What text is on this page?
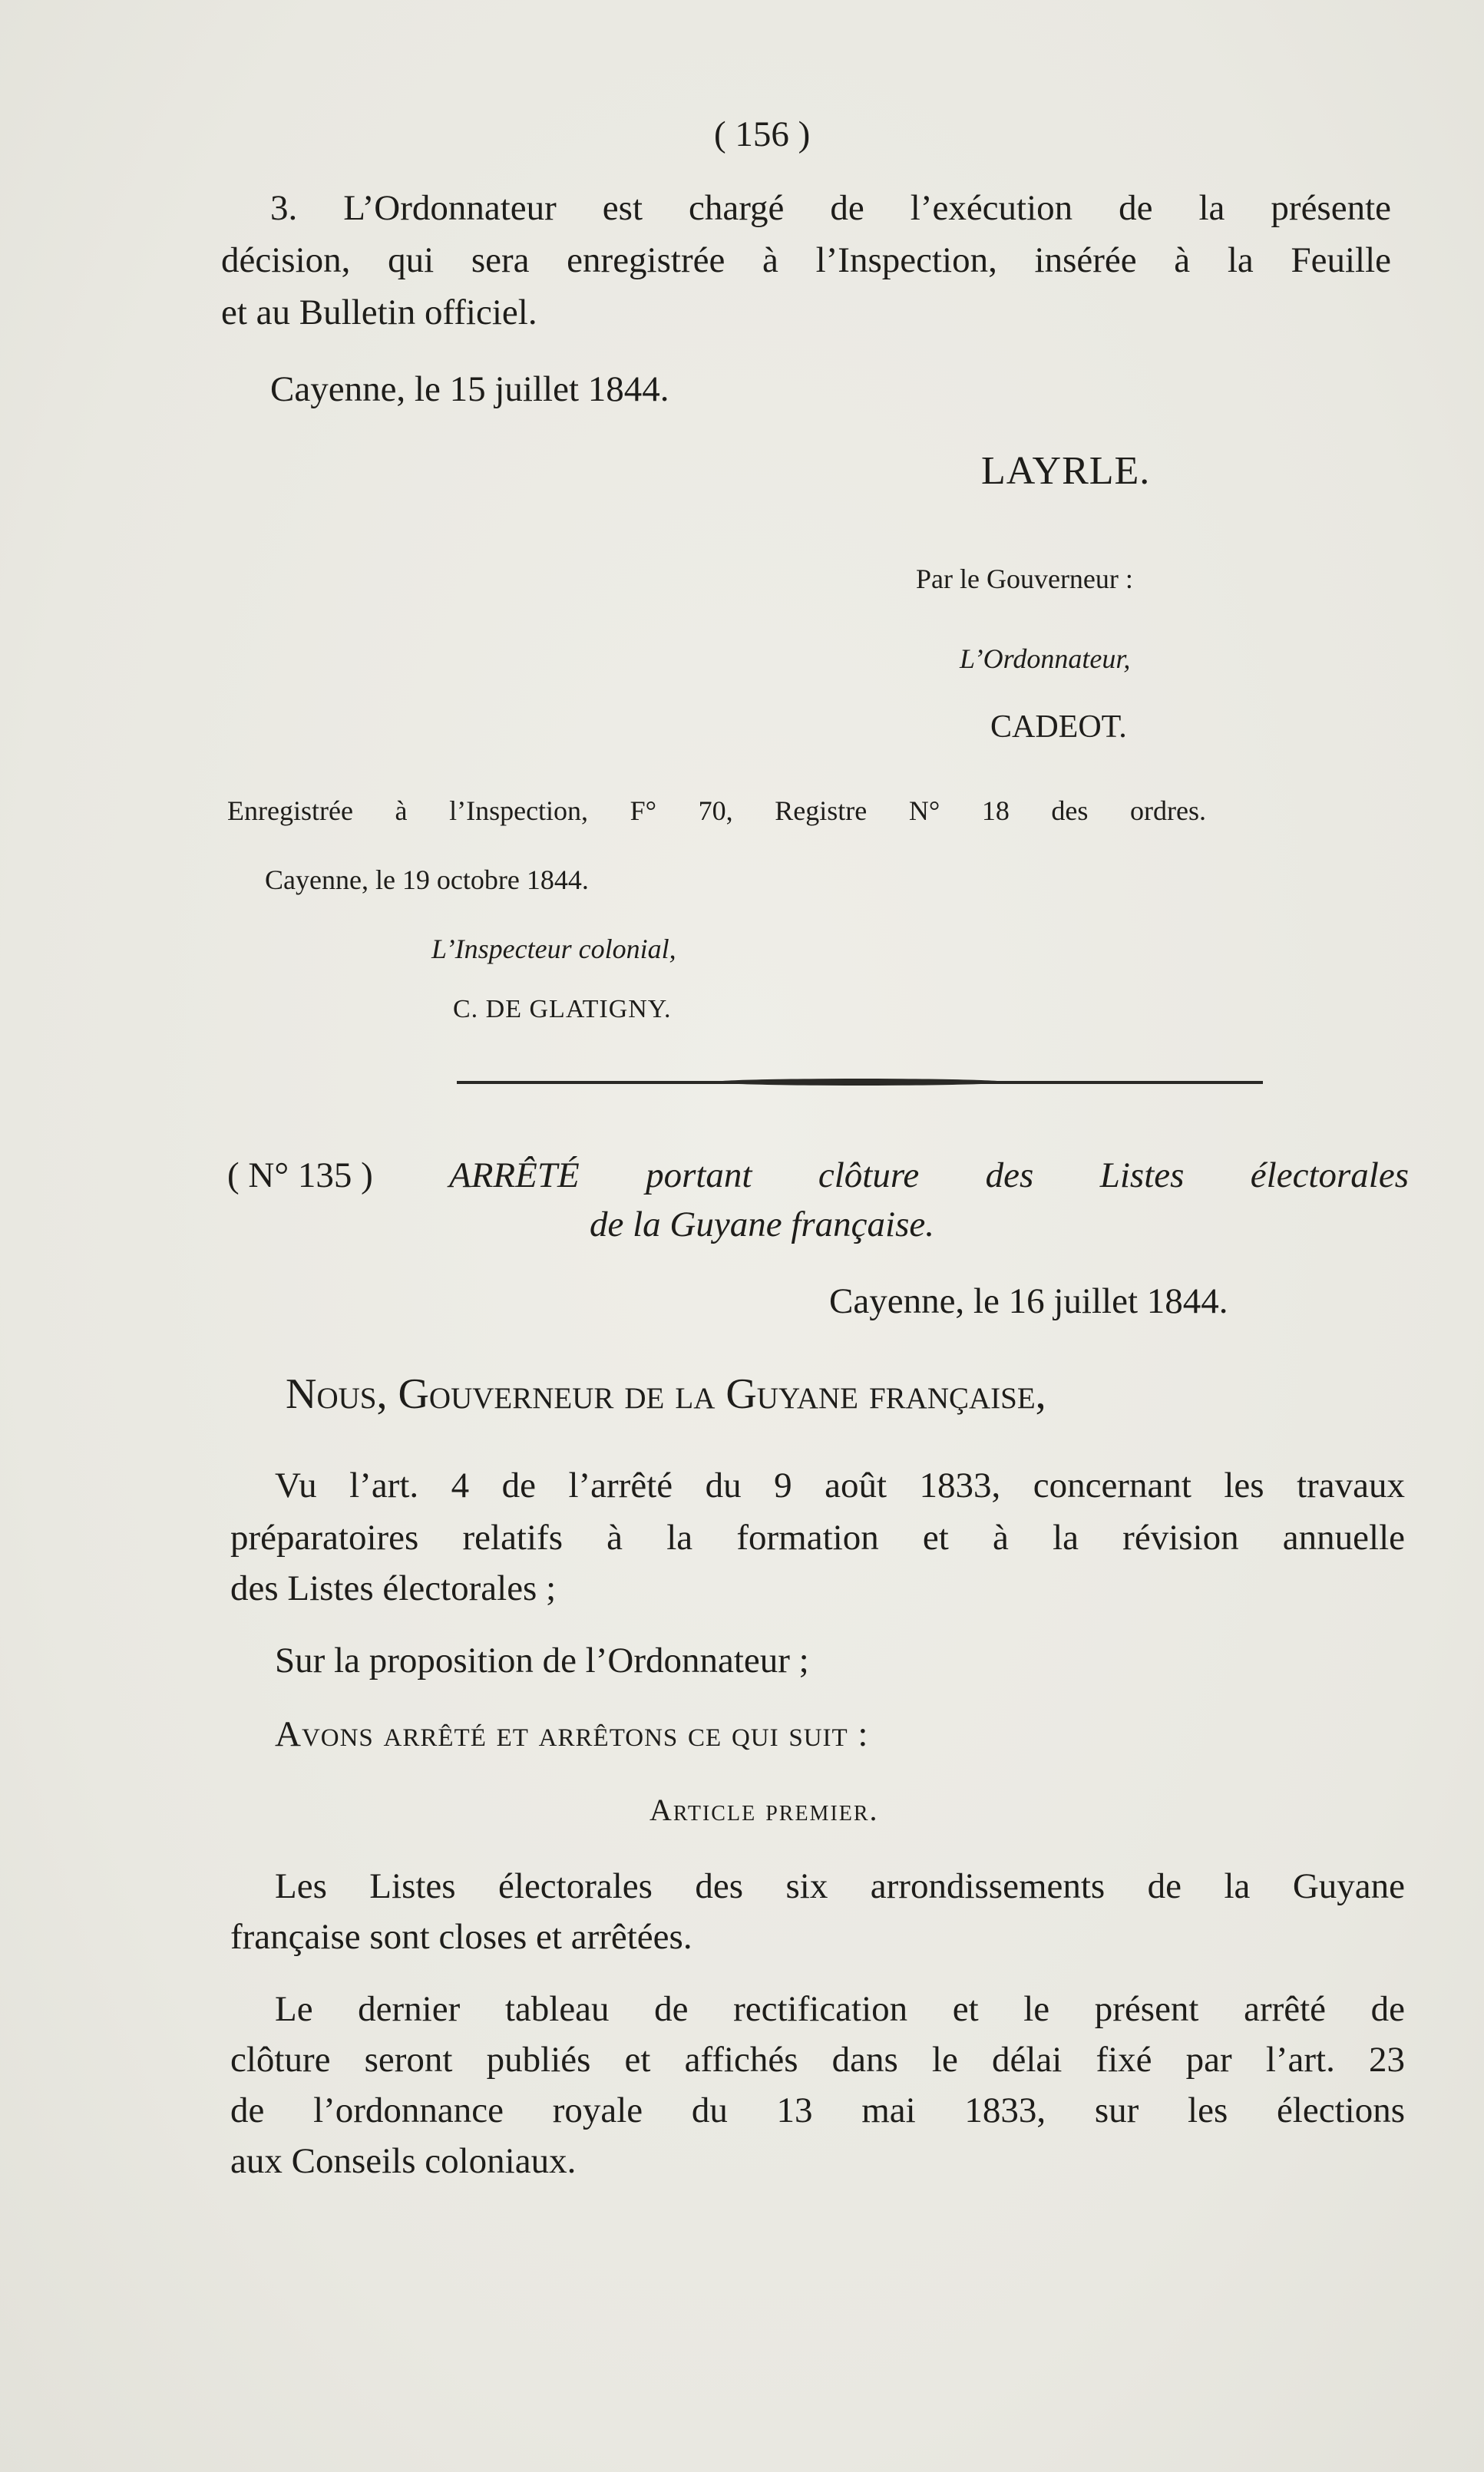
( 156 )
3. L’Ordonnateur est chargé de l’exécution de la présente
décision, qui sera enregistrée à l’Inspection, insérée à la Feuille
et au Bulletin officiel.
Cayenne, le 15 juillet 1844.
LAYRLE.
Par le Gouverneur :
L’Ordonnateur,
CADEOT.
Enregistrée à l’Inspection, F° 70, Registre N° 18 des ordres.
Cayenne, le 19 octobre 1844.
L’Inspecteur colonial,
C. DE GLATIGNY.
( N° 135 ) ARRÊTÉ portant clôture des Listes électorales
de la Guyane française.
Cayenne, le 16 juillet 1844.
Nous, Gouverneur de la Guyane française,
Vu l’art. 4 de l’arrêté du 9 août 1833, concernant les travaux
préparatoires relatifs à la formation et à la révision annuelle
des Listes électorales ;
Sur la proposition de l’Ordonnateur ;
Avons arrêté et arrêtons ce qui suit :
Article premier.
Les Listes électorales des six arrondissements de la Guyane
française sont closes et arrêtées.
Le dernier tableau de rectification et le présent arrêté de
clôture seront publiés et affichés dans le délai fixé par l’art. 23
de l’ordonnance royale du 13 mai 1833, sur les élections
aux Conseils coloniaux.
